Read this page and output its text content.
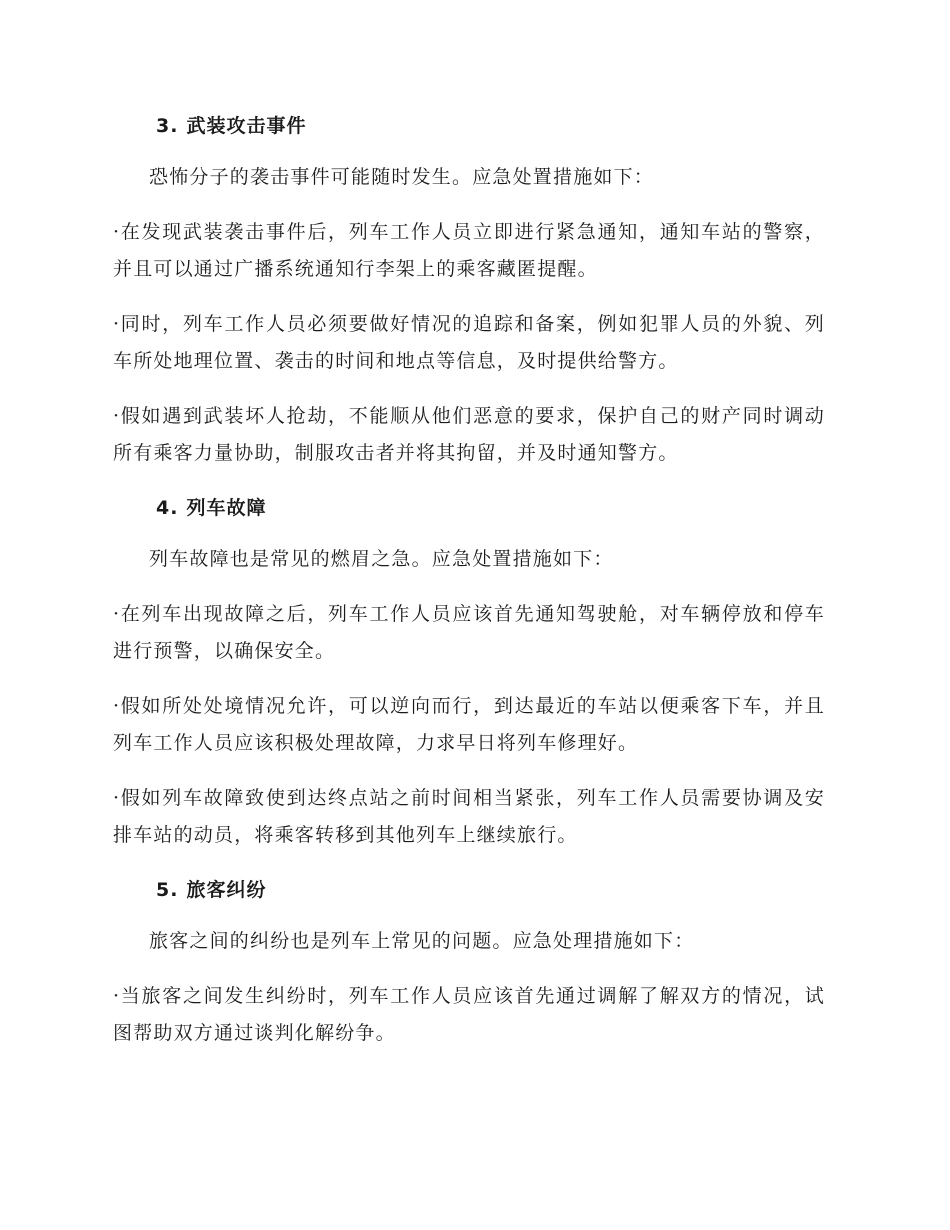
3. 武装攻击事件

恐怖分子的袭击事件可能随时发生。应急处置措施如下：

·在发现武装袭击事件后，列车工作人员立即进行紧急通知，通知车站的警察，并且可以通过广播系统通知行李架上的乘客藏匿提醒。

·同时，列车工作人员必须要做好情况的追踪和备案，例如犯罪人员的外貌、列车所处地理位置、袭击的时间和地点等信息，及时提供给警方。

·假如遇到武装坏人抢劫，不能顺从他们恶意的要求，保护自己的财产同时调动所有乘客力量协助，制服攻击者并将其拘留，并及时通知警方。

4. 列车故障

列车故障也是常见的燃眉之急。应急处置措施如下：

·在列车出现故障之后，列车工作人员应该首先通知驾驶舱，对车辆停放和停车进行预警，以确保安全。

·假如所处处境情况允许，可以逆向而行，到达最近的车站以便乘客下车，并且列车工作人员应该积极处理故障，力求早日将列车修理好。

·假如列车故障致使到达终点站之前时间相当紧张，列车工作人员需要协调及安排车站的动员，将乘客转移到其他列车上继续旅行。

5. 旅客纠纷

旅客之间的纠纷也是列车上常见的问题。应急处理措施如下：

·当旅客之间发生纠纷时，列车工作人员应该首先通过调解了解双方的情况，试图帮助双方通过谈判化解纷争。
